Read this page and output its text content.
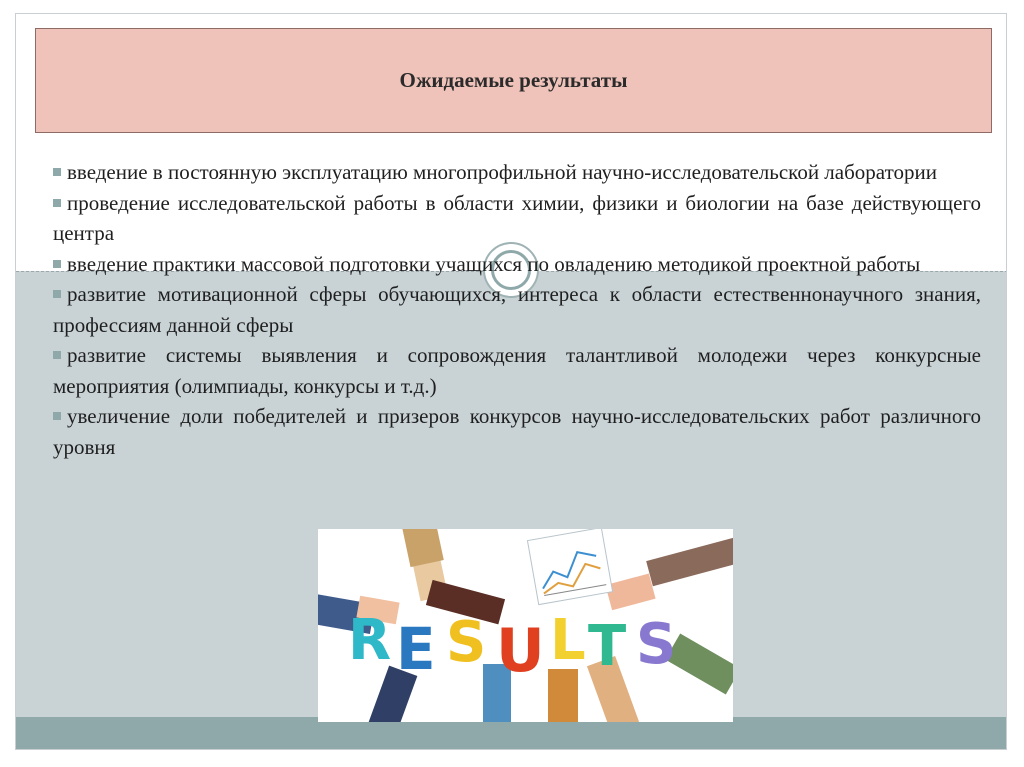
Ожидаемые результаты

введение в постоянную эксплуатацию многопрофильной научно-исследовательской лаборатории

проведение исследовательской работы в области химии, физики и биологии на базе действующего центра

введение практики массовой подготовки учащихся по овладению методикой проектной работы

развитие мотивационной сферы обучающихся, интереса к области естественнонаучного знания, профессиям данной сферы

развитие системы выявления и сопровождения талантливой молодежи через конкурсные мероприятия (олимпиады, конкурсы и т.д.)

увеличение доли победителей и призеров конкурсов научно-исследовательских работ различного уровня

R E S U L T S
